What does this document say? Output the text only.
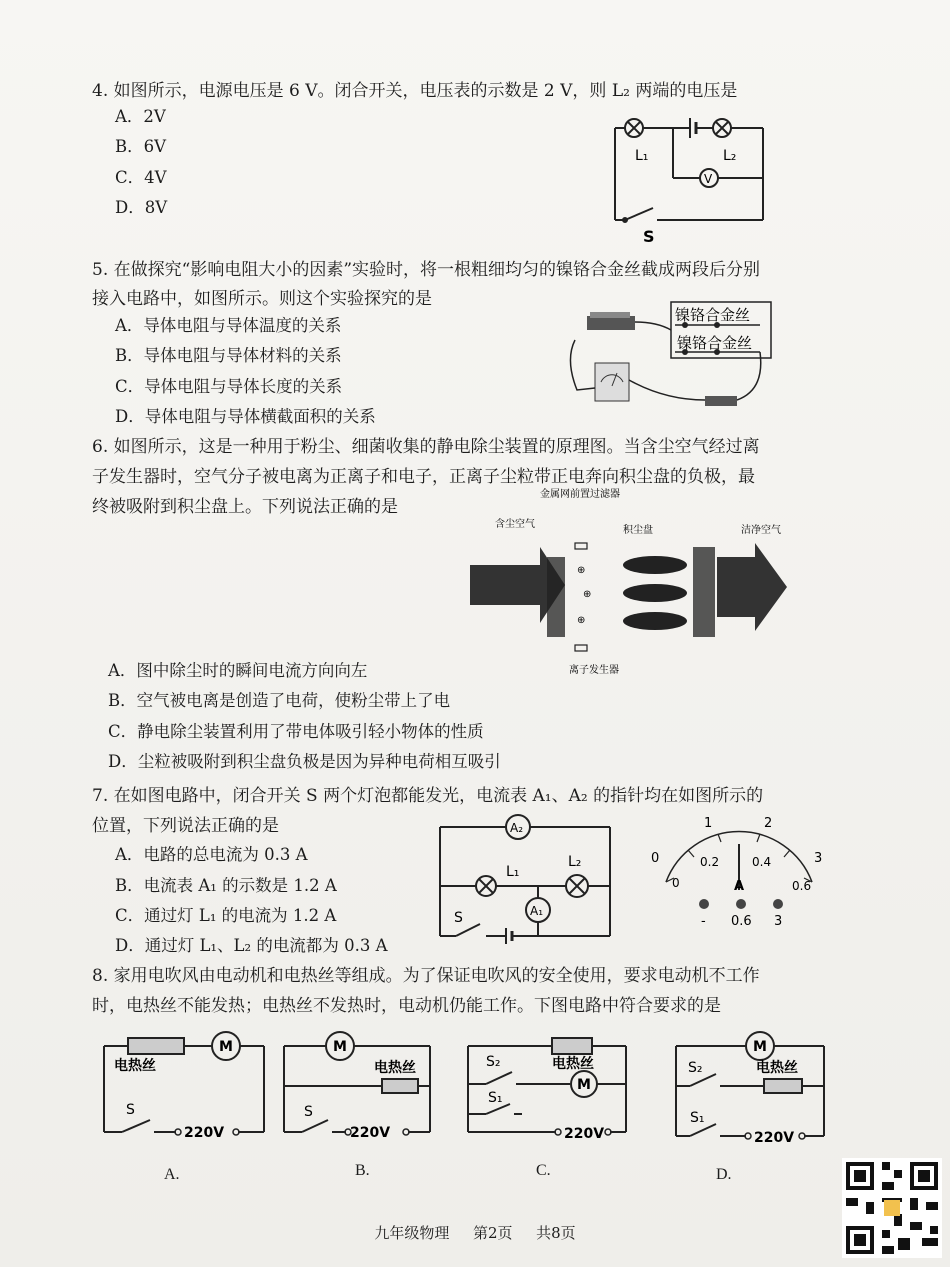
4. 如图所示，电源电压是 6 V。闭合开关，电压表的示数是 2 V，则 L₂ 两端的电压是
A．2V
B．6V
C．4V
D．8V
L₁	L₂
V
S
5. 在做探究“影响电阻大小的因素”实验时，将一根粗细均匀的镍铬合金丝截成两段后分别
接入电路中，如图所示。则这个实验探究的是
A．导体电阻与导体温度的关系
B．导体电阻与导体材料的关系
C．导体电阻与导体长度的关系
D．导体电阻与导体横截面积的关系
镍铬合金丝
镍铬合金丝
6. 如图所示，这是一种用于粉尘、细菌收集的静电除尘装置的原理图。当含尘空气经过离
子发生器时，空气分子被电离为正离子和电子，正离子尘粒带正电奔向积尘盘的负极，最
终被吸附到积尘盘上。下列说法正确的是
⊕
⊕
⊕
含尘空气
金属网前置过滤器
积尘盘	洁净空气
离子发生器
A．图中除尘时的瞬间电流方向向左
B．空气被电离是创造了电荷，使粉尘带上了电
C．静电除尘装置利用了带电体吸引轻小物体的性质
D．尘粒被吸附到积尘盘负极是因为异种电荷相互吸引
7. 在如图电路中，闭合开关 S 两个灯泡都能发光，电流表 A₁、A₂ 的指针均在如图所示的
位置，下列说法正确的是
A．电路的总电流为 0.3 A
B．电流表 A₁ 的示数是 1.2 A
C．通过灯 L₁ 的电流为 1.2 A
D．通过灯 L₁、L₂ 的电流都为 0.3 A
A₂
A₁
L₁
L₂
S
0
1	2
3
0
0.2	0.4
0.6
A
- 0.6 3
8. 家用电吹风由电动机和电热丝等组成。为了保证电吹风的安全使用，要求电动机不工作
时，电热丝不能发热；电热丝不发热时，电动机仍能工作。下图电路中符合要求的是
M
电热丝
S
220V
A.
M
电热丝
S
220V
B.
S₂	电热丝
M
S₁
220V
C.
M
S₂	电热丝
S₁
220V
D.
九年级物理 第2页 共8页
